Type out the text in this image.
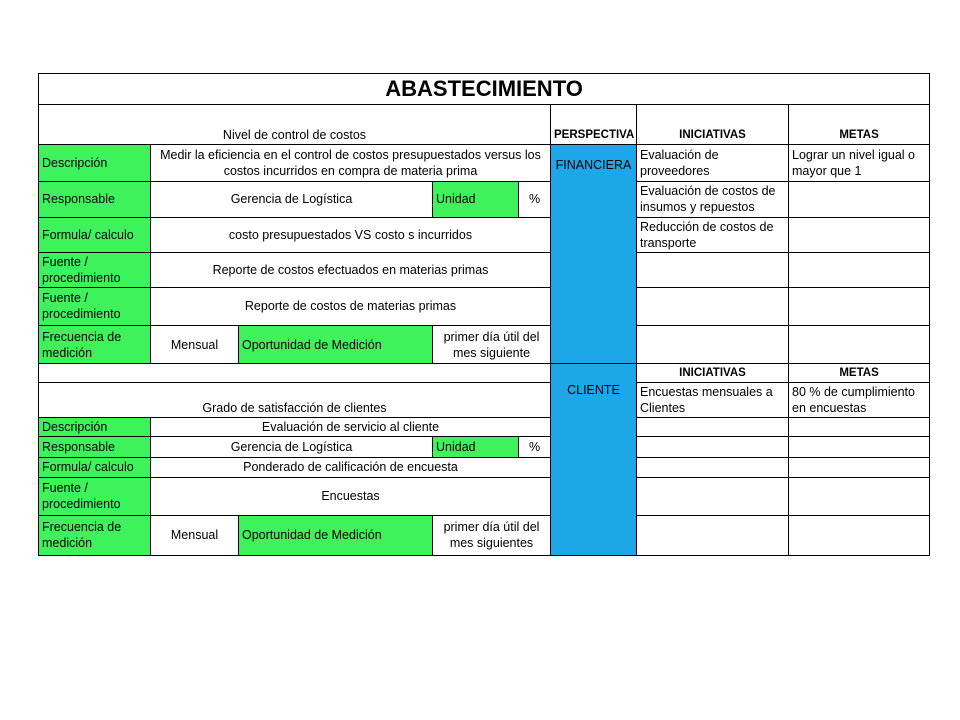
ABASTECIMIENTO							
Nivel de control de costos					PERSPECTIVA	INICIATIVAS	METAS
Descripción	Medir la eficiencia en el control de costos presupuestados versus los costos incurridos en compra de materia prima				FINANCIERA	Evaluación de proveedores	Lograr un nivel igual o mayor que 1
Responsable	Gerencia de Logística		Unidad	%		Evaluación de costos de insumos y repuestos	
Formula/ calculo	costo presupuestados VS costo s incurridos					Reducción de costos de transporte	
Fuente / procedimiento	Reporte de costos efectuados en materias primas						
Fuente / procedimiento	Reporte de costos de materias primas						
Frecuencia de medición	Mensual	Oportunidad de Medición	primer día útil del mes siguiente				
					CLIENTE	INICIATIVAS	METAS
Grado de satisfacción de clientes						Encuestas mensuales a Clientes	80 % de cumplimiento en encuestas
Descripción	Evaluación de servicio al cliente						
Responsable	Gerencia de Logística		Unidad	%			
Formula/ calculo	Ponderado de calificación de encuesta						
Fuente / procedimiento	Encuestas						
Frecuencia de medición	Mensual	Oportunidad de Medición	primer día útil del mes siguientes				
